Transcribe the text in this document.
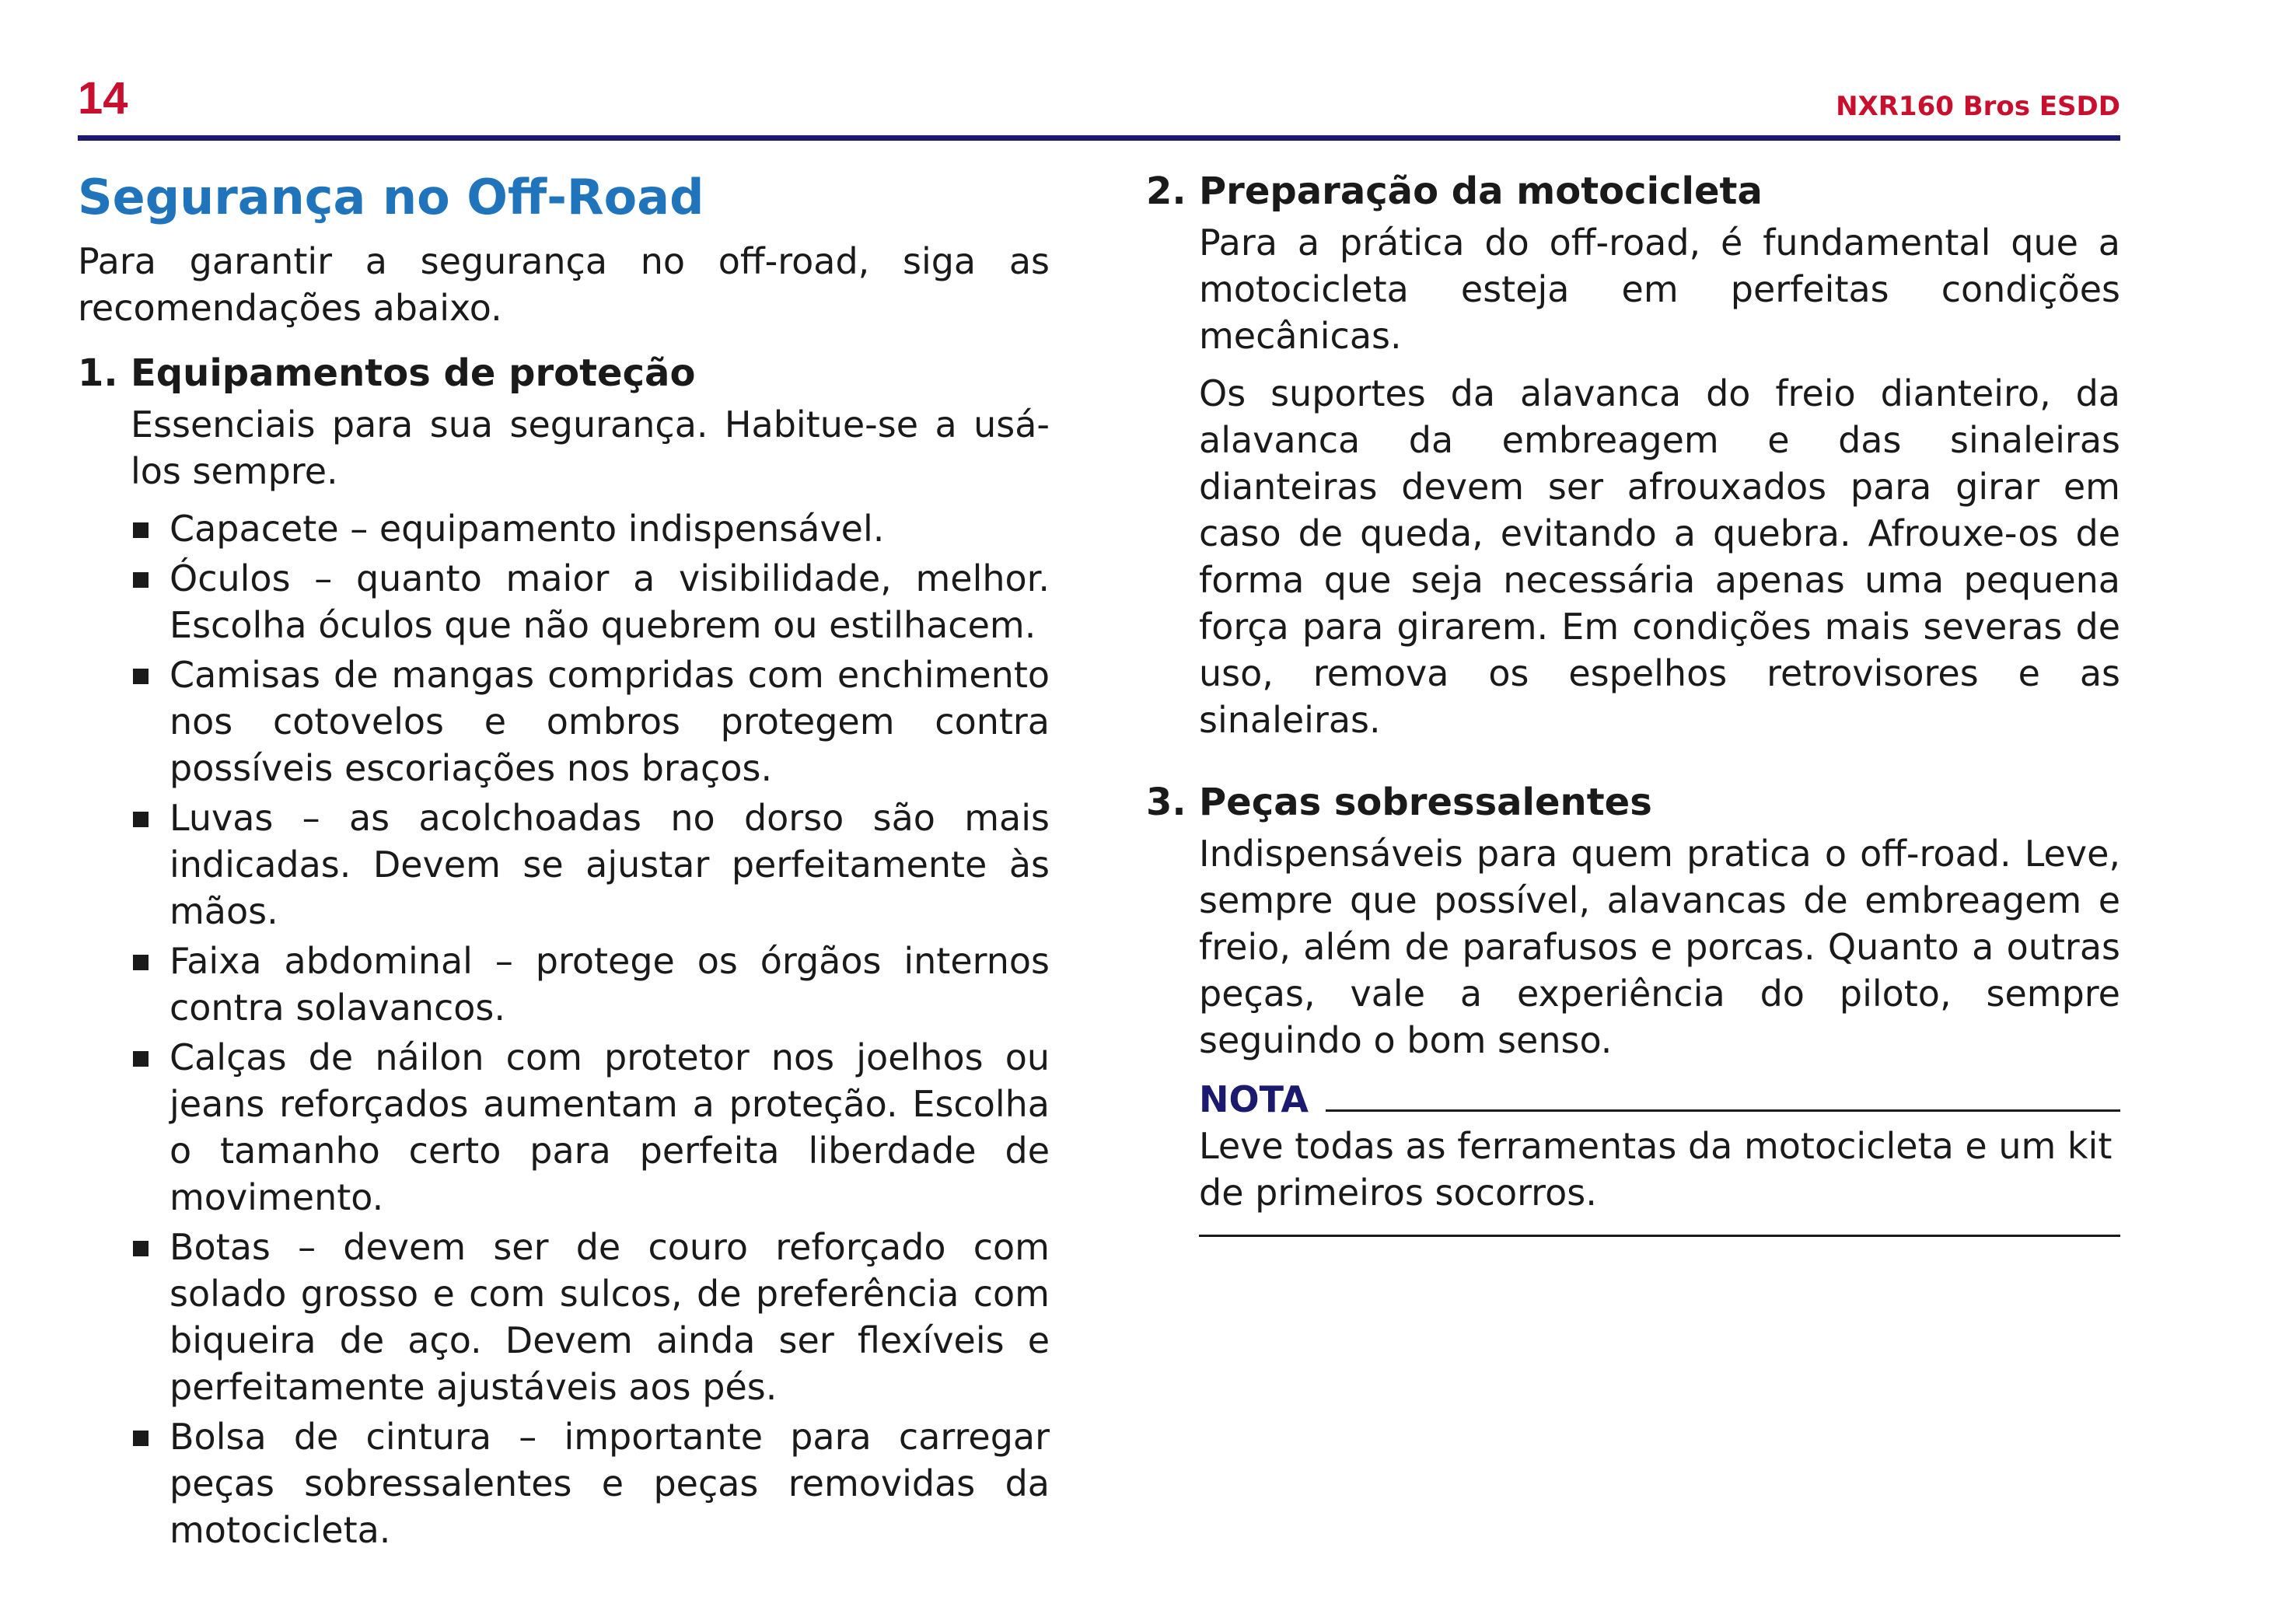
14	NXR160 Bros ESDD
Segurança no Off-Road

Para garantir a segurança no off-road, siga as recomendações abaixo.

1. Equipamentos de proteção

Essenciais para sua segurança. Habitue-se a usá-los sempre.

Capacete – equipamento indispensável.
Óculos – quanto maior a visibilidade, melhor. Escolha óculos que não quebrem ou estilhacem.
Camisas de mangas compridas com enchimento nos cotovelos e ombros protegem contra possíveis escoriações nos braços.
Luvas – as acolchoadas no dorso são mais indicadas. Devem se ajustar perfeitamente às mãos.
Faixa abdominal – protege os órgãos internos contra solavancos.
Calças de náilon com protetor nos joelhos ou jeans reforçados aumentam a proteção. Escolha o tamanho certo para perfeita liberdade de movimento.
Botas – devem ser de couro reforçado com solado grosso e com sulcos, de preferência com biqueira de aço. Devem ainda ser flexíveis e perfeitamente ajustáveis aos pés.
Bolsa de cintura – importante para carregar peças sobressalentes e peças removidas da motocicleta.
2. Preparação da motocicleta

Para a prática do off-road, é fundamental que a motocicleta esteja em perfeitas condições mecânicas.

Os suportes da alavanca do freio dianteiro, da alavanca da embreagem e das sinaleiras dianteiras devem ser afrouxados para girar em caso de queda, evitando a quebra. Afrouxe-os de forma que seja necessária apenas uma pequena força para girarem. Em condições mais severas de uso, remova os espelhos retrovisores e as sinaleiras.

3. Peças sobressalentes

Indispensáveis para quem pratica o off-road. Leve, sempre que possível, alavancas de embreagem e freio, além de parafusos e porcas. Quanto a outras peças, vale a experiência do piloto, sempre seguindo o bom senso.

NOTA

Leve todas as ferramentas da motocicleta e um kit de primeiros socorros.
